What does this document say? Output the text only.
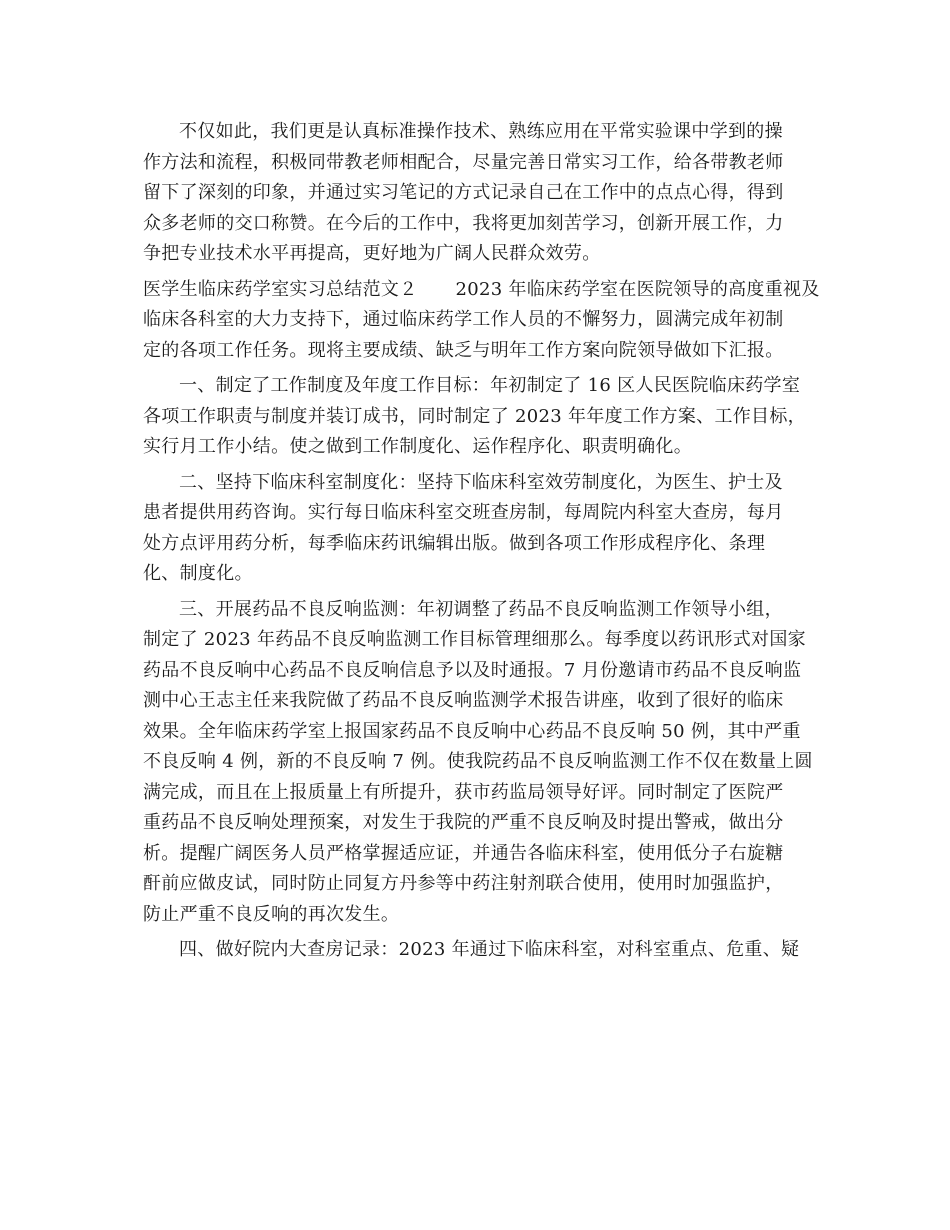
不仅如此，我们更是认真标准操作技术、熟练应用在平常实验课中学到的操
作方法和流程，积极同带教老师相配合，尽量完善日常实习工作，给各带教老师
留下了深刻的印象，并通过实习笔记的方式记录自己在工作中的点点心得，得到
众多老师的交口称赞。在今后的工作中，我将更加刻苦学习，创新开展工作，力
争把专业技术水平再提高，更好地为广阔人民群众效劳。
医学生临床药学室实习总结范文２ 2023 年临床药学室在医院领导的高度重视及
临床各科室的大力支持下，通过临床药学工作人员的不懈努力，圆满完成年初制
定的各项工作任务。现将主要成绩、缺乏与明年工作方案向院领导做如下汇报。
一、制定了工作制度及年度工作目标：年初制定了 16 区人民医院临床药学室
各项工作职责与制度并装订成书，同时制定了 2023 年年度工作方案、工作目标，
实行月工作小结。使之做到工作制度化、运作程序化、职责明确化。
二、坚持下临床科室制度化：坚持下临床科室效劳制度化，为医生、护士及
患者提供用药咨询。实行每日临床科室交班查房制，每周院内科室大查房，每月
处方点评用药分析，每季临床药讯编辑出版。做到各项工作形成程序化、条理
化、制度化。
三、开展药品不良反响监测：年初调整了药品不良反响监测工作领导小组，
制定了 2023 年药品不良反响监测工作目标管理细那么。每季度以药讯形式对国家
药品不良反响中心药品不良反响信息予以及时通报。7 月份邀请市药品不良反响监
测中心王志主任来我院做了药品不良反响监测学术报告讲座，收到了很好的临床
效果。全年临床药学室上报国家药品不良反响中心药品不良反响 50 例，其中严重
不良反响 4 例，新的不良反响 7 例。使我院药品不良反响监测工作不仅在数量上圆
满完成，而且在上报质量上有所提升，获市药监局领导好评。同时制定了医院严
重药品不良反响处理预案，对发生于我院的严重不良反响及时提出警戒，做出分
析。提醒广阔医务人员严格掌握适应证，并通告各临床科室，使用低分子右旋糖
酐前应做皮试，同时防止同复方丹参等中药注射剂联合使用，使用时加强监护，
防止严重不良反响的再次发生。
四、做好院内大查房记录：2023 年通过下临床科室，对科室重点、危重、疑
